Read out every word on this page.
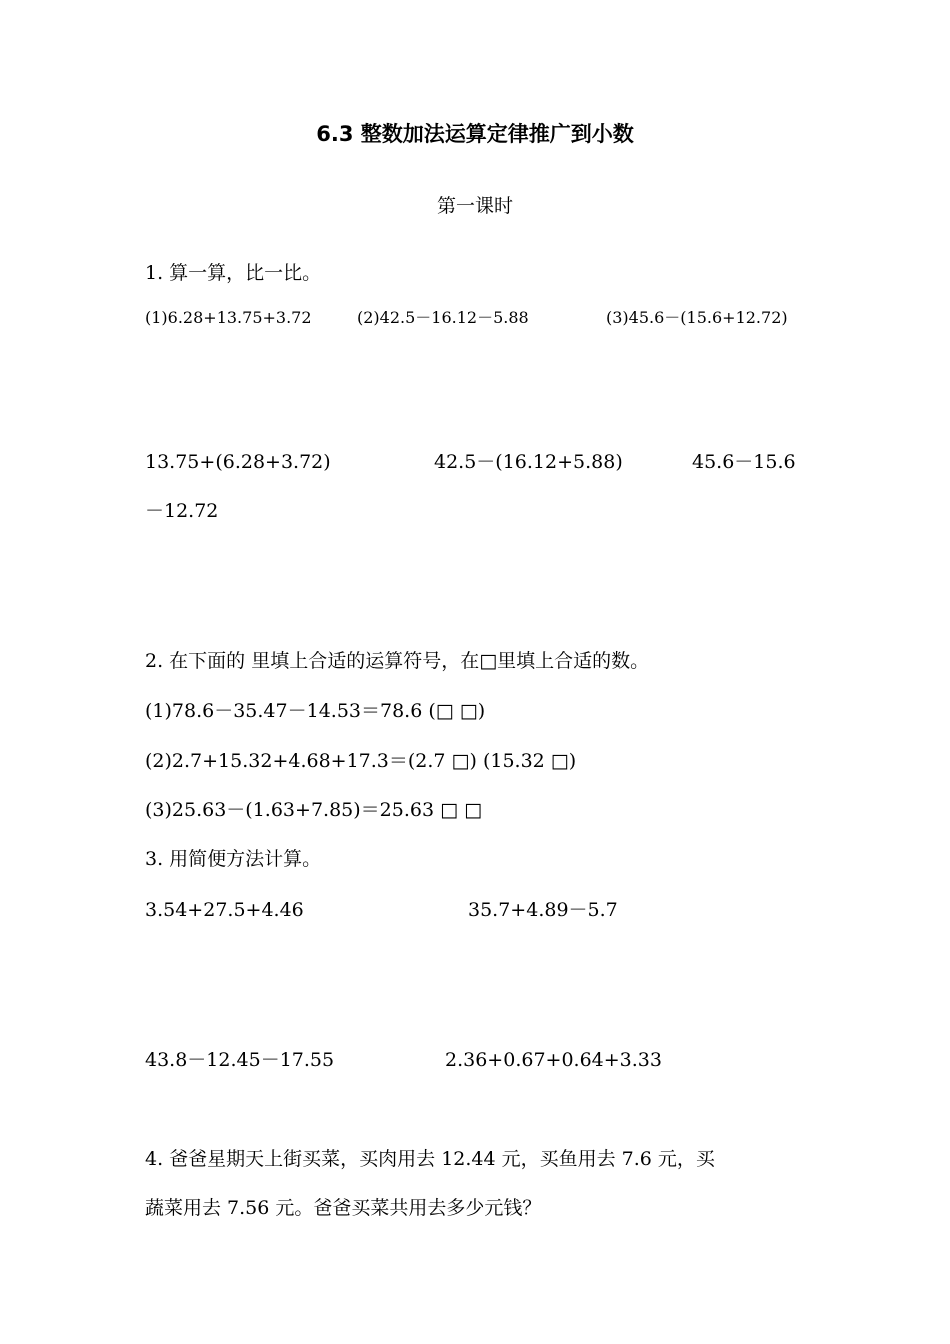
6.3 整数加法运算定律推广到小数
第一课时
1. 算一算，比一比。
(1)6.28+13.75+3.72	(2)42.5－16.12－5.88	(3)45.6－(15.6+12.72)
13.75+(6.28+3.72)	42.5－(16.12+5.88)	45.6－15.6
－12.72
2. 在下面的 里填上合适的运算符号，在□里填上合适的数。
(1)78.6－35.47－14.53＝78.6 (□ □)
(2)2.7+15.32+4.68+17.3＝(2.7 □) (15.32 □)
(3)25.63－(1.63+7.85)＝25.63 □ □
3. 用简便方法计算。
3.54+27.5+4.46	35.7+4.89－5.7
43.8－12.45－17.55	2.36+0.67+0.64+3.33
4. 爸爸星期天上街买菜，买肉用去 12.44 元，买鱼用去 7.6 元，买
蔬菜用去 7.56 元。爸爸买菜共用去多少元钱？
